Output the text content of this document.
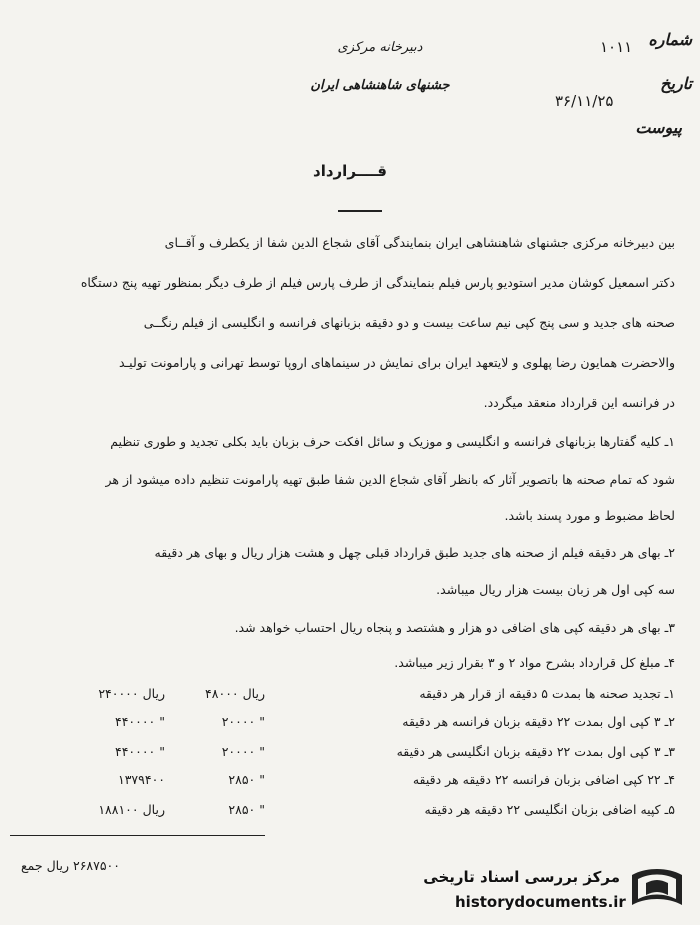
شماره
۱۰۱۱
تاریخ
۳۶/۱۱/۲۵
پیوست
دبیرخانه مرکزی
جشنهای شاهنشاهی ایران
قــــرارداد
بین دبیرخانه مرکزی جشنهای شاهنشاهی ایران بنمایندگی آقای شجاع الدین شفا از یکطرف و آقــای
دکتر اسمعیل کوشان مدیر استودیو پارس فیلم بنمایندگی از طرف پارس فیلم از طرف دیگر بمنظور تهیه پنج دستگاه
صحنه های جدید و سی پنج کپی نیم ساعت بیست و دو دقیقه بزبانهای فرانسه و انگلیسی از فیلم رنگــی
والاحضرت همایون رضا پهلوی و لایتعهد ایران برای نمایش در سینماهای اروپا توسط تهرانی و پارامونت تولیـد
در فرانسه این قرارداد منعقد میگردد.
۱ـ کلیه گفتارها بزبانهای فرانسه و انگلیسی و موزیک و سائل افکت حرف بزبان باید بکلی تجدید و طوری تنظیم
شود که تمام صحنه ها باتصویر آثار که بانظر آقای شجاع الدین شفا طبق تهیه پارامونت تنظیم داده میشود از هر
لحاظ مضبوط و مورد پسند باشد.
۲ـ بهای هر دقیقه فیلم از صحنه های جدید طبق قرارداد قبلی چهل و هشت هزار ریال و بهای هر دقیقه
سه کپی اول هر زبان بیست هزار ریال میباشد.
۳ـ بهای هر دقیقه کپی های اضافی دو هزار و هشتصد و پنجاه ریال احتساب خواهد شد.
۴ـ مبلغ کل قرارداد بشرح مواد ۲ و ۳ بقرار زیر میباشد.
۱ـ تجدید صحنه ها بمدت ۵ دقیقه از قرار هر دقیقه
۴۸۰۰۰ ریال
۲۴۰۰۰۰ ریال
۲ـ ۳ کپی اول بمدت ۲۲ دقیقه بزبان فرانسه هر دقیقه
۲۰۰۰۰ "
۴۴۰۰۰۰ "
۳ـ ۳ کپی اول بمدت ۲۲ دقیقه بزبان انگلیسی هر دقیقه
۲۰۰۰۰ "
۴۴۰۰۰۰ "
۴ـ ۲۲ کپی اضافی بزبان فرانسه ۲۲ دقیقه هر دقیقه
۲۸۵۰ "
۱۳۷۹۴۰۰
۵ـ کپیه اضافی بزبان انگلیسی ۲۲ دقیقه هر دقیقه
۲۸۵۰ "
۱۸۸۱۰۰ ریال
۲۶۸۷۵۰۰ ریال جمع
مرکز بررسی اسناد تاریخی
historydocuments.ir
